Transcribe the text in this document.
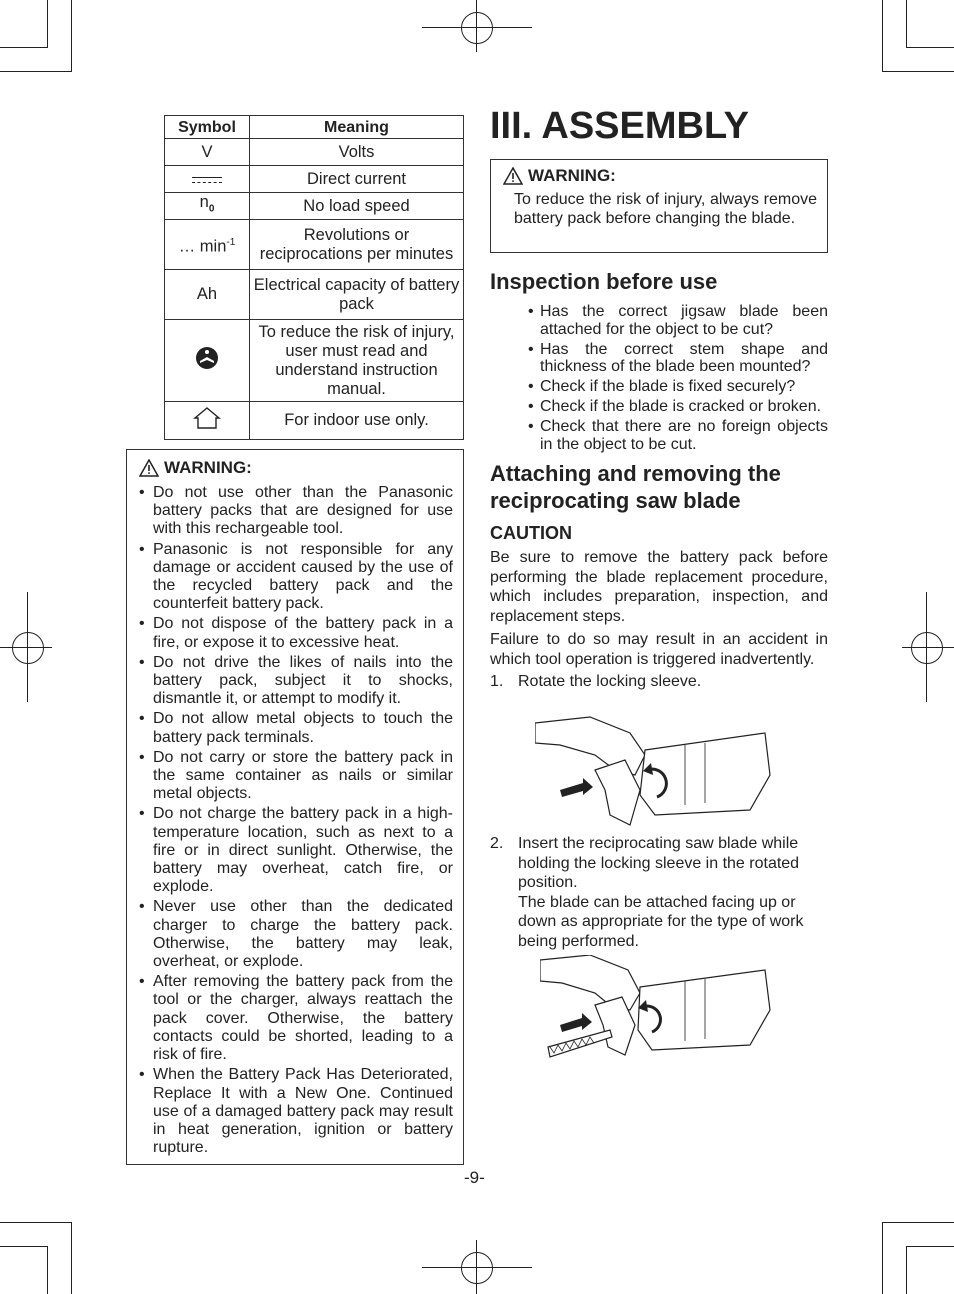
Symbol	Meaning
V	Volts
	Direct current
$n_0$	No load speed
… $\min^{-1}$	Revolutions or reciprocations per minutes
Ah	Electrical capacity of battery pack
	To reduce the risk of injury, user must read and understand instruction manual.
	For indoor use only.
WARNING:
• Do not use other than the Panasonic battery packs that are designed for use with this rechargeable tool.
• Panasonic is not responsible for any damage or accident caused by the use of the recycled battery pack and the counterfeit battery pack.
• Do not dispose of the battery pack in a fire, or expose it to excessive heat.
• Do not drive the likes of nails into the battery pack, subject it to shocks, dismantle it, or attempt to modify it.
• Do not allow metal objects to touch the battery pack terminals.
• Do not carry or store the battery pack in the same container as nails or similar metal objects.
• Do not charge the battery pack in a high-temperature location, such as next to a fire or in direct sunlight. Otherwise, the battery may overheat, catch fire, or explode.
• Never use other than the dedicated charger to charge the battery pack. Otherwise, the battery may leak, overheat, or explode.
• After removing the battery pack from the tool or the charger, always reattach the pack cover. Otherwise, the battery contacts could be shorted, leading to a risk of fire.
• When the Battery Pack Has Deteriorated, Replace It with a New One. Continued use of a damaged battery pack may result in heat generation, ignition or battery rupture.
III. ASSEMBLY
WARNING:

To reduce the risk of injury, always remove battery pack before changing the blade.

Inspection before use
• Has the correct jigsaw blade been attached for the object to be cut?
• Has the correct stem shape and thickness of the blade been mounted?
• Check if the blade is fixed securely?
• Check if the blade is cracked or broken.
• Check that there are no foreign objects in the object to be cut.
Attaching and removing the reciprocating saw blade
CAUTION

Be sure to remove the battery pack before performing the blade replacement procedure, which includes preparation, inspection, and replacement steps.

Failure to do so may result in an accident in which tool operation is triggered inadvertently.

1. Rotate the locking sleeve.
2. Insert the reciprocating saw blade while holding the locking sleeve in the rotated position.
The blade can be attached facing up or down as appropriate for the type of work being performed.
-9-
